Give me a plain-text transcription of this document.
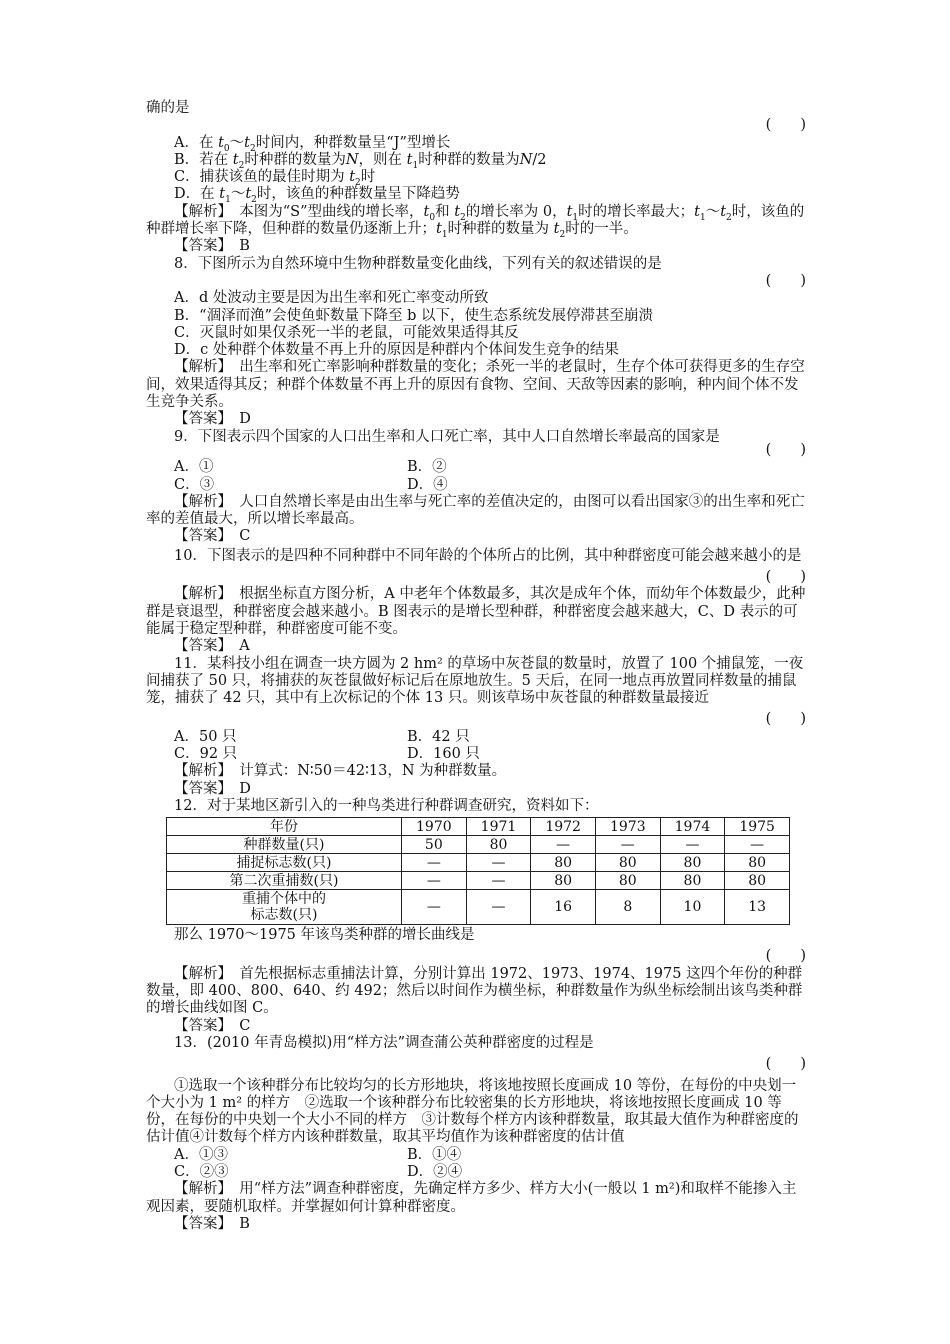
确的是
(　　)
A．在 $t_0\sim t_2$时间内，种群数量呈“J”型增长
B．若在 $t_2$时种群的数量为N，则在 $t_1$时种群的数量为N/2
C．捕获该鱼的最佳时期为 $t_2$时
D．在 $t_1\sim t_2$时，该鱼的种群数量呈下降趋势
【解析】　本图为“S”型曲线的增长率，$t_0$和 $t_2$的增长率为 0，$t_1$时的增长率最大；$t_1\sim t_2$时，该鱼的种群增长率下降，但种群的数量仍逐渐上升；$t_1$时种群的数量为 $t_2$时的一半。
【答案】　 B
8．下图所示为自然环境中生物种群数量变化曲线，下列有关的叙述错误的是
(　　)
A．d 处波动主要是因为出生率和死亡率变动所致
B．“涸泽而渔”会使鱼虾数量下降至 b 以下，使生态系统发展停滞甚至崩溃
C．灭鼠时如果仅杀死一半的老鼠，可能效果适得其反
D．c 处种群个体数量不再上升的原因是种群内个体间发生竞争的结果
【解析】　 出生率和死亡率影响种群数量的变化；杀死一半的老鼠时，生存个体可获得更多的生存空间，效果适得其反；种群个体数量不再上升的原因有食物、空间、天敌等因素的影响，种内间个体不发生竞争关系。
【答案】　 D
9．下图表示四个国家的人口出生率和人口死亡率，其中人口自然增长率最高的国家是
(　　)
A．①	B．②
C．③	D．④
【解析】　 人口自然增长率是由出生率与死亡率的差值决定的，由图可以看出国家③的出生率和死亡率的差值最大，所以增长率最高。
【答案】　 C
10．下图表示的是四种不同种群中不同年龄的个体所占的比例，其中种群密度可能会越来越小的是
(　　)
【解析】　 根据坐标直方图分析，A 中老年个体数最多，其次是成年个体，而幼年个体数最少，此种群是衰退型，种群密度会越来越小。B 图表示的是增长型种群，种群密度会越来越大，C、D 表示的可能属于稳定型种群，种群密度可能不变。
【答案】　 A
11．某科技小组在调查一块方圆为 2 hm² 的草场中灰苍鼠的数量时，放置了 100 个捕鼠笼，一夜间捕获了 50 只，将捕获的灰苍鼠做好标记后在原地放生。5 天后，在同一地点再放置同样数量的捕鼠笼，捕获了 42 只，其中有上次标记的个体 13 只。则该草场中灰苍鼠的种群数量最接近
(　　)
A．50 只	B．42 只
C．92 只	D．160 只
【解析】　 计算式：N∶50＝42∶13，N 为种群数量。
【答案】　 D
12．对于某地区新引入的一种鸟类进行种群调查研究，资料如下：
年份	1970	1971	1972	1973	1974	1975
种群数量(只)	50	80	—	—	—	—
捕捉标志数(只)	—	—	80	80	80	80
第二次重捕数(只)	—	—	80	80	80	80

重捕个体中的
标志数(只)	—	—	16	8	10	13
那么 1970～1975 年该鸟类种群的增长曲线是
(　　)
【解析】　 首先根据标志重捕法计算，分别计算出 1972、1973、1974、1975 这四个年份的种群数量，即 400、800、640、约 492；然后以时间作为横坐标，种群数量作为纵坐标绘制出该鸟类种群的增长曲线如图 C。
【答案】　 C
13．(2010 年青岛模拟)用“样方法”调查蒲公英种群密度的过程是
(　　)
①选取一个该种群分布比较均匀的长方形地块，将该地按照长度画成 10 等份，在每份的中央划一个大小为 1 m² 的样方　②选取一个该种群分布比较密集的长方形地块，将该地按照长度画成 10 等份，在每份的中央划一个大小不同的样方　③计数每个样方内该种群数量，取其最大值作为种群密度的估计值④计数每个样方内该种群数量，取其平均值作为该种群密度的估计值
A．①③	B．①④
C．②③	D．②④
【解析】　 用“样方法”调查种群密度，先确定样方多少、样方大小(一般以 1 m²)和取样不能掺入主观因素，要随机取样。并掌握如何计算种群密度。
【答案】　 B
